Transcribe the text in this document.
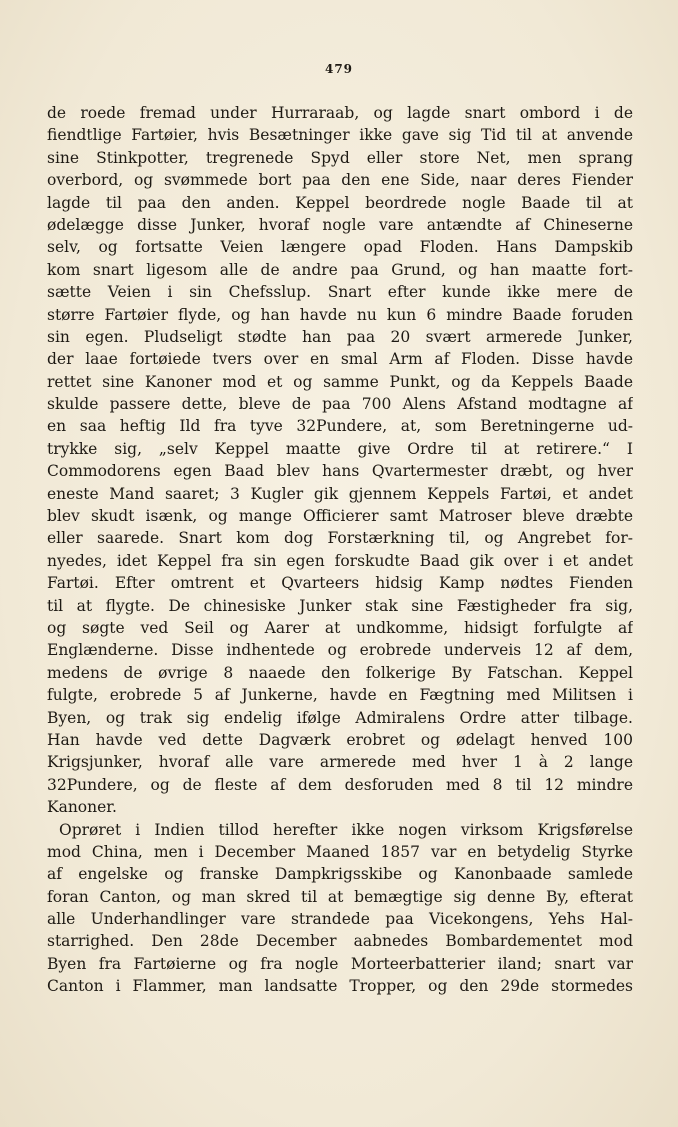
479
de roede fremad under Hurraraab, og lagde snart ombord i de
fiendtlige Fartøier, hvis Besætninger ikke gave sig Tid til at anvende
sine Stinkpotter, tregrenede Spyd eller store Net, men sprang
overbord, og svømmede bort paa den ene Side, naar deres Fiender
lagde til paa den anden. Keppel beordrede nogle Baade til at
ødelægge disse Junker, hvoraf nogle vare antændte af Chineserne
selv, og fortsatte Veien længere opad Floden. Hans Dampskib
kom snart ligesom alle de andre paa Grund, og han maatte fort-
sætte Veien i sin Chefsslup. Snart efter kunde ikke mere de
større Fartøier flyde, og han havde nu kun 6 mindre Baade foruden
sin egen. Pludseligt stødte han paa 20 svært armerede Junker,
der laae fortøiede tvers over en smal Arm af Floden. Disse havde
rettet sine Kanoner mod et og samme Punkt, og da Keppels Baade
skulde passere dette, bleve de paa 700 Alens Afstand modtagne af
en saa heftig Ild fra tyve 32Pundere, at, som Beretningerne ud-
trykke sig, „selv Keppel maatte give Ordre til at retirere.“ I
Commodorens egen Baad blev hans Qvartermester dræbt, og hver
eneste Mand saaret; 3 Kugler gik gjennem Keppels Fartøi, et andet
blev skudt isænk, og mange Officierer samt Matroser bleve dræbte
eller saarede. Snart kom dog Forstærkning til, og Angrebet for-
nyedes, idet Keppel fra sin egen forskudte Baad gik over i et andet
Fartøi. Efter omtrent et Qvarteers hidsig Kamp nødtes Fienden
til at flygte. De chinesiske Junker stak sine Fæstigheder fra sig,
og søgte ved Seil og Aarer at undkomme, hidsigt forfulgte af
Englænderne. Disse indhentede og erobrede underveis 12 af dem,
medens de øvrige 8 naaede den folkerige By Fatschan. Keppel
fulgte, erobrede 5 af Junkerne, havde en Fægtning med Militsen i
Byen, og trak sig endelig ifølge Admiralens Ordre atter tilbage.
Han havde ved dette Dagværk erobret og ødelagt henved 100
Krigsjunker, hvoraf alle vare armerede med hver 1 à 2 lange
32Pundere, og de fleste af dem desforuden med 8 til 12 mindre
Kanoner.
Oprøret i Indien tillod herefter ikke nogen virksom Krigsførelse
mod China, men i December Maaned 1857 var en betydelig Styrke
af engelske og franske Dampkrigsskibe og Kanonbaade samlede
foran Canton, og man skred til at bemægtige sig denne By, efterat
alle Underhandlinger vare strandede paa Vicekongens, Yehs Hal-
starrighed. Den 28de December aabnedes Bombardementet mod
Byen fra Fartøierne og fra nogle Morteerbatterier iland; snart var
Canton i Flammer, man landsatte Tropper, og den 29de stormedes
